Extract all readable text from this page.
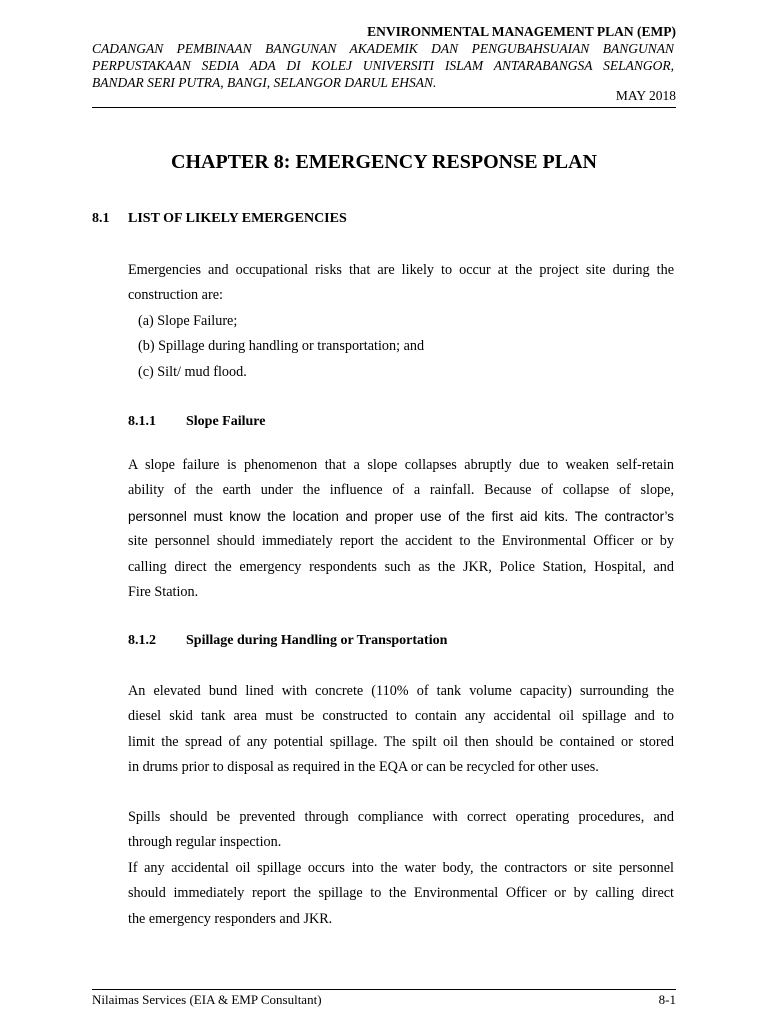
ENVIRONMENTAL MANAGEMENT PLAN (EMP)
CADANGAN PEMBINAAN BANGUNAN AKADEMIK DAN PENGUBAHSUAIAN BANGUNAN
PERPUSTAKAAN SEDIA ADA DI KOLEJ UNIVERSITI ISLAM ANTARABANGSA SELANGOR,
BANDAR SERI PUTRA, BANGI, SELANGOR DARUL EHSAN.
MAY 2018
CHAPTER 8: EMERGENCY RESPONSE PLAN
8.1 LIST OF LIKELY EMERGENCIES
Emergencies and occupational risks that are likely to occur at the project site during the
construction are:
(a) Slope Failure;
(b) Spillage during handling or transportation; and
(c) Silt/ mud flood.
8.1.1 Slope Failure
A slope failure is phenomenon that a slope collapses abruptly due to weaken self-retain
ability of the earth under the influence of a rainfall. Because of collapse of slope,
personnel must know the location and proper use of the first aid kits. The contractor’s
site personnel should immediately report the accident to the Environmental Officer or by
calling direct the emergency respondents such as the JKR, Police Station, Hospital, and
Fire Station.
8.1.2 Spillage during Handling or Transportation
An elevated bund lined with concrete (110% of tank volume capacity) surrounding the
diesel skid tank area must be constructed to contain any accidental oil spillage and to
limit the spread of any potential spillage. The spilt oil then should be contained or stored
in drums prior to disposal as required in the EQA or can be recycled for other uses.
Spills should be prevented through compliance with correct operating procedures, and
through regular inspection.
If any accidental oil spillage occurs into the water body, the contractors or site personnel
should immediately report the spillage to the Environmental Officer or by calling direct
the emergency responders and JKR.
Nilaimas Services (EIA & EMP Consultant)	8-1
